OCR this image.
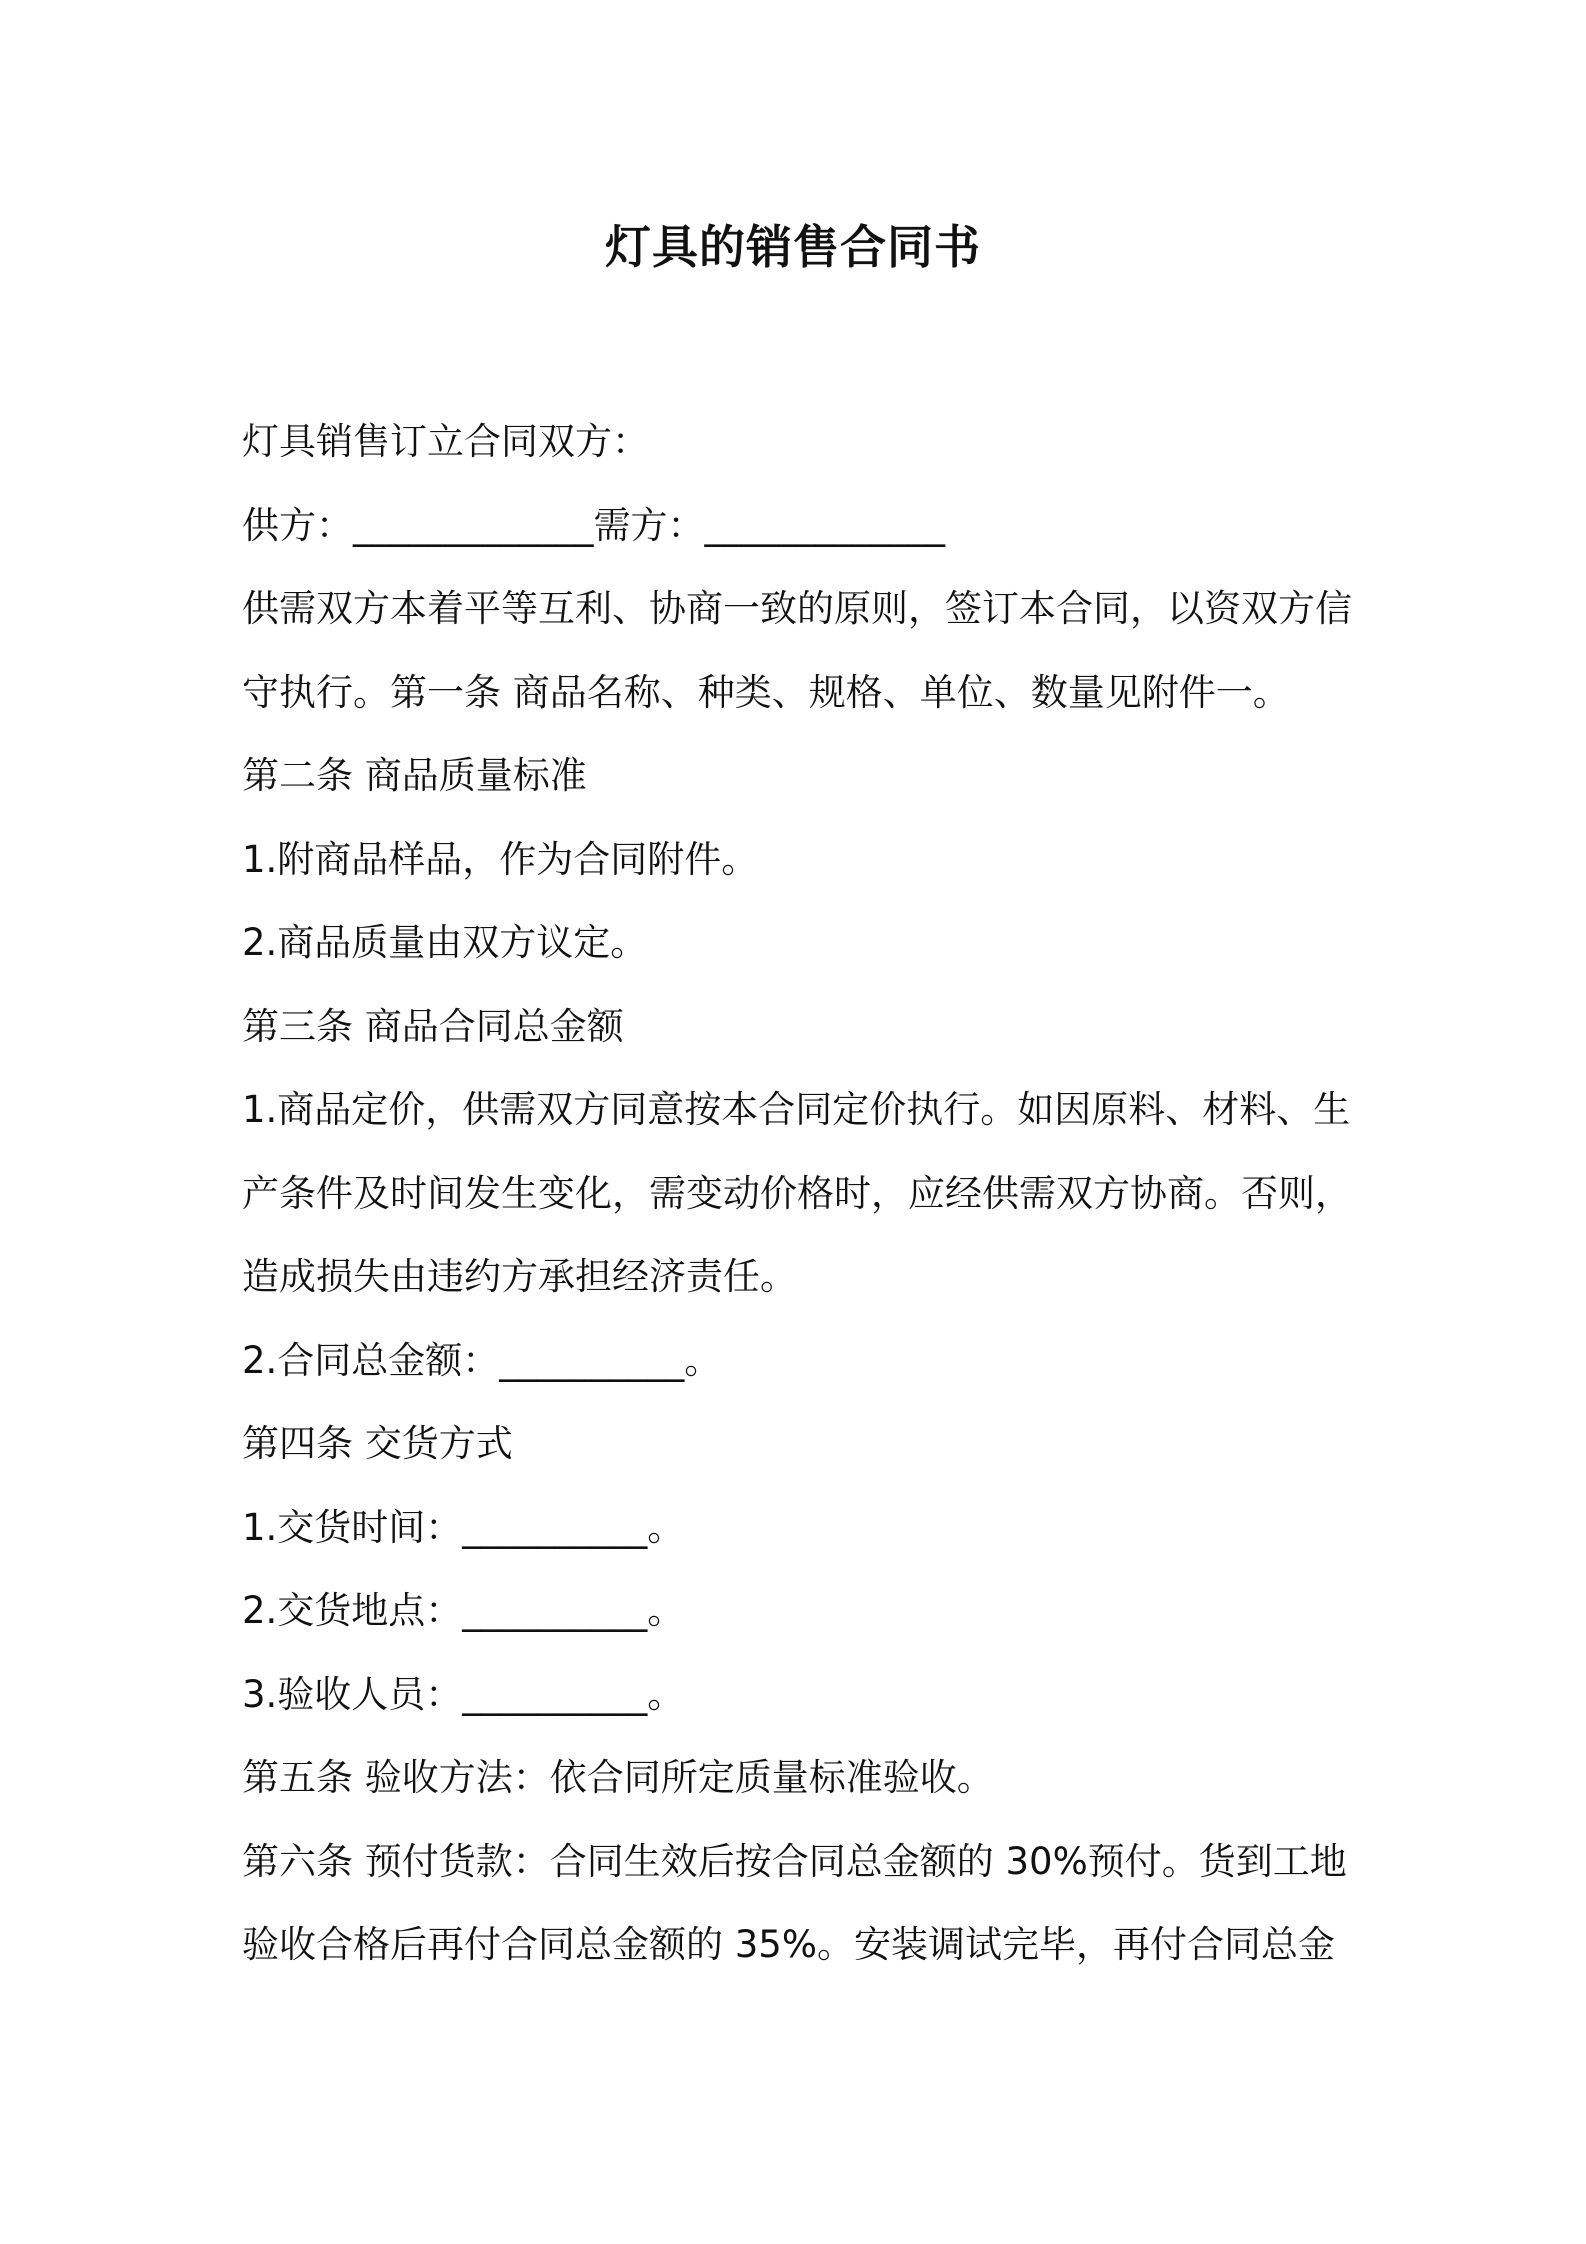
灯具的销售合同书

灯具销售订立合同双方：

供方：_____________需方：_____________

供需双方本着平等互利、协商一致的原则，签订本合同，以资双方信

守执行。第一条 商品名称、种类、规格、单位、数量见附件一。

第二条 商品质量标准

1.附商品样品，作为合同附件。

2.商品质量由双方议定。

第三条 商品合同总金额

1.商品定价，供需双方同意按本合同定价执行。如因原料、材料、生

产条件及时间发生变化，需变动价格时，应经供需双方协商。否则，

造成损失由违约方承担经济责任。

2.合同总金额：__________。

第四条 交货方式

1.交货时间：__________。

2.交货地点：__________。

3.验收人员：__________。

第五条 验收方法：依合同所定质量标准验收。

第六条 预付货款：合同生效后按合同总金额的 30%预付。货到工地

验收合格后再付合同总金额的 35%。安装调试完毕，再付合同总金
